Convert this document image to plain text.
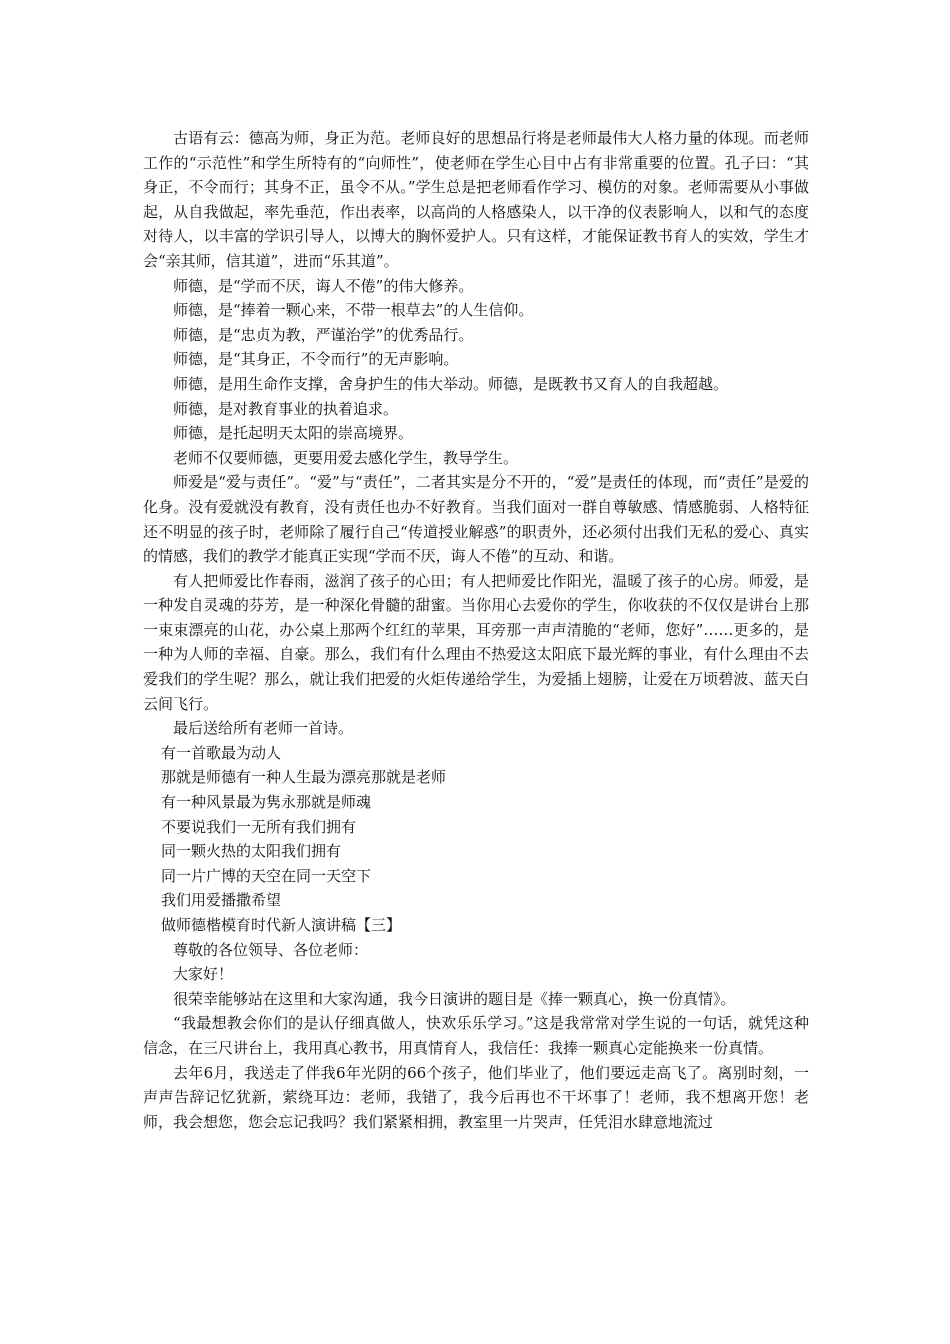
古语有云：德高为师，身正为范。老师良好的思想品行将是老师最伟大人格力量的体现。而老师工作的“示范性”和学生所特有的“向师性”，使老师在学生心目中占有非常重要的位置。孔子曰：“其身正，不令而行；其身不正，虽令不从。”学生总是把老师看作学习、模仿的对象。老师需要从小事做起，从自我做起，率先垂范，作出表率，以高尚的人格感染人，以干净的仪表影响人，以和气的态度对待人，以丰富的学识引导人，以博大的胸怀爱护人。只有这样，才能保证教书育人的实效，学生才会“亲其师，信其道”，进而“乐其道”。

师德，是“学而不厌，诲人不倦”的伟大修养。

师德，是“捧着一颗心来，不带一根草去”的人生信仰。

师德，是“忠贞为教，严谨治学”的优秀品行。

师德，是“其身正，不令而行”的无声影响。

师德，是用生命作支撑，舍身护生的伟大举动。师德，是既教书又育人的自我超越。

师德，是对教育事业的执着追求。

师德，是托起明天太阳的崇高境界。

老师不仅要师德，更要用爱去感化学生，教导学生。

师爱是“爱与责任”。“爱”与“责任”，二者其实是分不开的，“爱”是责任的体现，而“责任”是爱的化身。没有爱就没有教育，没有责任也办不好教育。当我们面对一群自尊敏感、情感脆弱、人格特征还不明显的孩子时，老师除了履行自己“传道授业解惑”的职责外，还必须付出我们无私的爱心、真实的情感，我们的教学才能真正实现“学而不厌，诲人不倦”的互动、和谐。

有人把师爱比作春雨，滋润了孩子的心田；有人把师爱比作阳光，温暖了孩子的心房。师爱，是一种发自灵魂的芬芳，是一种深化骨髓的甜蜜。当你用心去爱你的学生，你收获的不仅仅是讲台上那一束束漂亮的山花，办公桌上那两个红红的苹果，耳旁那一声声清脆的“老师，您好”……更多的，是一种为人师的幸福、自豪。那么，我们有什么理由不热爱这太阳底下最光辉的事业，有什么理由不去爱我们的学生呢？那么，就让我们把爱的火炬传递给学生，为爱插上翅膀，让爱在万顷碧波、蓝天白云间飞行。

最后送给所有老师一首诗。

有一首歌最为动人

那就是师德有一种人生最为漂亮那就是老师

有一种风景最为隽永那就是师魂

不要说我们一无所有我们拥有

同一颗火热的太阳我们拥有

同一片广博的天空在同一天空下

我们用爱播撒希望

做师德楷模育时代新人演讲稿【三】

尊敬的各位领导、各位老师：

大家好！

很荣幸能够站在这里和大家沟通，我今日演讲的题目是《捧一颗真心，换一份真情》。

“我最想教会你们的是认仔细真做人，快欢乐乐学习。”这是我常常对学生说的一句话，就凭这种信念，在三尺讲台上，我用真心教书，用真情育人，我信任：我捧一颗真心定能换来一份真情。

去年6月，我送走了伴我6年光阴的66个孩子，他们毕业了，他们要远走高飞了。离别时刻，一声声告辞记忆犹新，萦绕耳边：老师，我错了，我今后再也不干坏事了！老师，我不想离开您！老师，我会想您，您会忘记我吗？我们紧紧相拥，教室里一片哭声，任凭泪水肆意地流过
